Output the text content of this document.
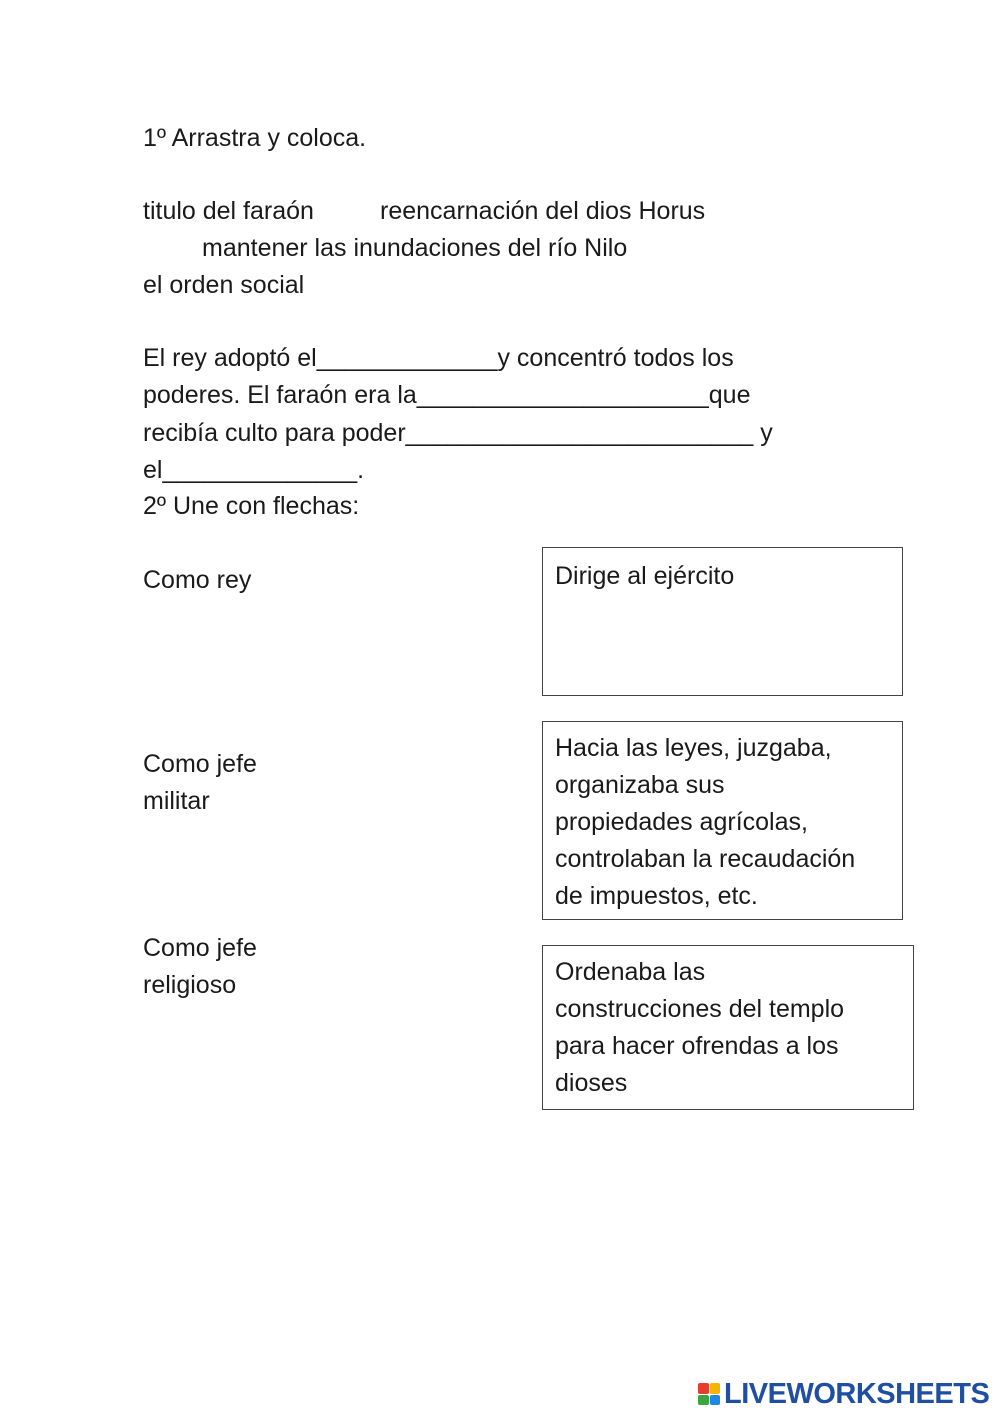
1º Arrastra y coloca.
titulo del faraón	reencarnación del dios Horus
mantener las inundaciones del río Nilo
el orden social
El rey adoptó el_____________y concentró todos los
poderes. El faraón era la_____________________que
recibía culto para poder_________________________ y
el______________.
2º Une con flechas:
Como rey
Como jefe
militar
Como jefe
religioso
Dirige al ejército
Hacia las leyes, juzgaba,
organizaba sus
propiedades agrícolas,
controlaban la recaudación
de impuestos, etc.
Ordenaba las
construcciones del templo
para hacer ofrendas a los
dioses
LIVEWORKSHEETS
